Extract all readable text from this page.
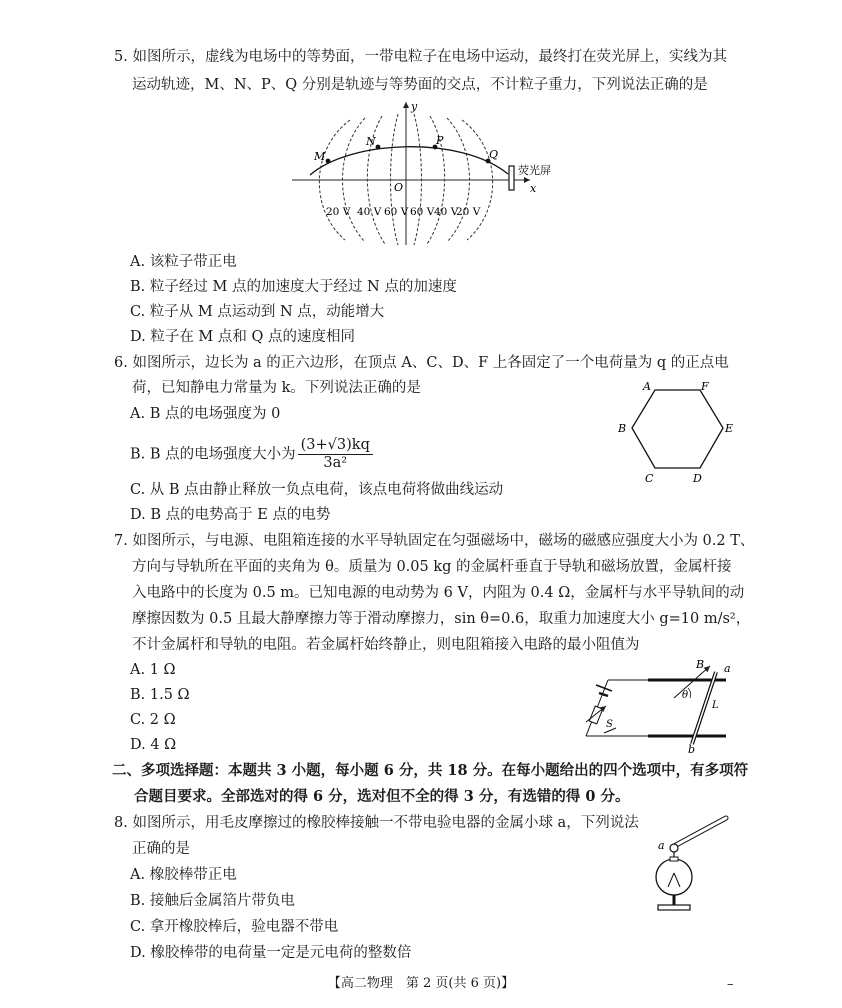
5. 如图所示，虚线为电场中的等势面，一带电粒子在电场中运动，最终打在荧光屏上，实线为其
运动轨迹，M、N、P、Q 分别是轨迹与等势面的交点，不计粒子重力，下列说法正确的是
y
x
O
M
N	P
Q
荧光屏
20 V 40 V 60 V 60 V 40 V
20 V
A. 该粒子带正电
B. 粒子经过 M 点的加速度大于经过 N 点的加速度
C. 粒子从 M 点运动到 N 点，动能增大
D. 粒子在 M 点和 Q 点的速度相同
6. 如图所示，边长为 a 的正六边形，在顶点 A、C、D、F 上各固定了一个电荷量为 q 的正点电
荷，已知静电力常量为 k。下列说法正确的是
A. B 点的电场强度为 0
B. B 点的电场强度大小为 $\frac{(3+√3)kq}{\text{3a²}}$
C. 从 B 点由静止释放一负点电荷，该点电荷将做曲线运动
D. B 点的电势高于 E 点的电势
A	F
E
D
C
B
7. 如图所示，与电源、电阻箱连接的水平导轨固定在匀强磁场中，磁场的磁感应强度大小为 0.2 T、
方向与导轨所在平面的夹角为 θ。质量为 0.05 kg 的金属杆垂直于导轨和磁场放置，金属杆接
入电路中的长度为 0.5 m。已知电源的电动势为 6 V，内阻为 0.4 Ω，金属杆与水平导轨间的动
摩擦因数为 0.5 且最大静摩擦力等于滑动摩擦力，sin θ=0.6，取重力加速度大小 g=10 m/s²，
不计金属杆和导轨的电阻。若金属杆始终静止，则电阻箱接入电路的最小阻值为
A. 1 Ω
B. 1.5 Ω
C. 2 Ω
D. 4 Ω
S
B a
θ
L
b
二、多项选择题：本题共 3 小题，每小题 6 分，共 18 分。在每小题给出的四个选项中，有多项符
合题目要求。全部选对的得 6 分，选对但不全的得 3 分，有选错的得 0 分。
8. 如图所示，用毛皮摩擦过的橡胶棒接触一不带电验电器的金属小球 a，下列说法
正确的是
A. 橡胶棒带正电
B. 接触后金属箔片带负电
C. 拿开橡胶棒后，验电器不带电
D. 橡胶棒带的电荷量一定是元电荷的整数倍
a
【高二物理　第 2 页(共 6 页)】	–
